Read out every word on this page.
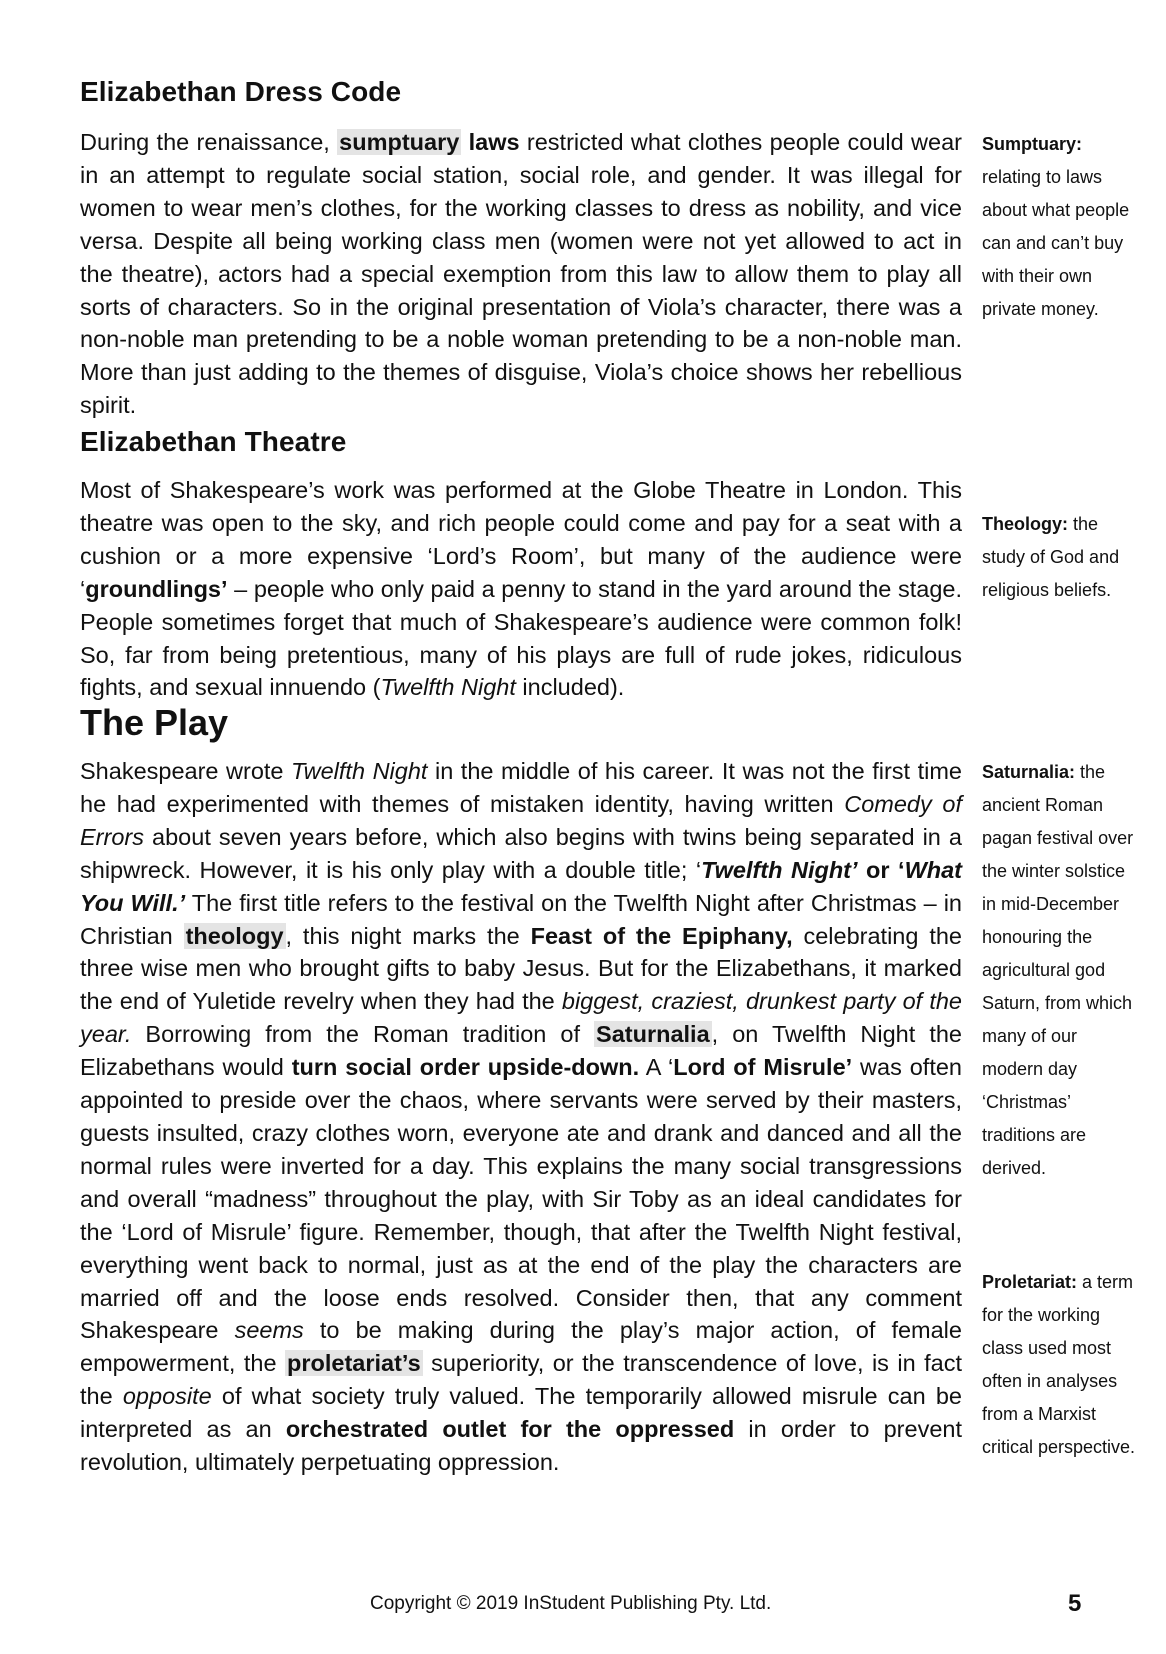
Elizabethan Dress Code

During the renaissance, sumptuary laws restricted what clothes people could wear in an attempt to regulate social station, social role, and gender. It was illegal for women to wear men’s clothes, for the working classes to dress as nobility, and vice versa. Despite all being working class men (women were not yet allowed to act in the theatre), actors had a special exemption from this law to allow them to play all sorts of characters. So in the original presentation of Viola’s character, there was a non-noble man pretending to be a noble woman pretending to be a non-noble man. More than just adding to the themes of disguise, Viola’s choice shows her rebellious spirit.

Sumptuary: relating to laws about what people can and can’t buy with their own private money.

Elizabethan Theatre

Most of Shakespeare’s work was performed at the Globe Theatre in London. This theatre was open to the sky, and rich people could come and pay for a seat with a cushion or a more expensive ‘Lord’s Room’, but many of the audience were ‘groundlings’ – people who only paid a penny to stand in the yard around the stage. People sometimes forget that much of Shakespeare’s audience were common folk! So, far from being pretentious, many of his plays are full of rude jokes, ridiculous fights, and sexual innuendo (Twelfth Night included).

Theology: the study of God and religious beliefs.

The Play

Shakespeare wrote Twelfth Night in the middle of his career. It was not the first time he had experimented with themes of mistaken identity, having written Comedy of Errors about seven years before, which also begins with twins being separated in a shipwreck. However, it is his only play with a double title; ‘Twelfth Night’ or ‘What You Will.’ The first title refers to the festival on the Twelfth Night after Christmas – in Christian theology, this night marks the Feast of the Epiphany, celebrating the three wise men who brought gifts to baby Jesus. But for the Elizabethans, it marked the end of Yuletide revelry when they had the biggest, craziest, drunkest party of the year. Borrowing from the Roman tradition of Saturnalia, on Twelfth Night the Elizabethans would turn social order upside-down. A ‘Lord of Misrule’ was often appointed to preside over the chaos, where servants were served by their masters, guests insulted, crazy clothes worn, everyone ate and drank and danced and all the normal rules were inverted for a day. This explains the many social transgressions and overall “madness” throughout the play, with Sir Toby as an ideal candidates for the ‘Lord of Misrule’ figure. Remember, though, that after the Twelfth Night festival, everything went back to normal, just as at the end of the play the characters are married off and the loose ends resolved. Consider then, that any comment Shakespeare seems to be making during the play’s major action, of female empowerment, the proletariat’s superiority, or the transcendence of love, is in fact the opposite of what society truly valued. The temporarily allowed misrule can be interpreted as an orchestrated outlet for the oppressed in order to prevent revolution, ultimately perpetuating oppression.

Saturnalia: the ancient Roman pagan festival over the winter solstice in mid-December honouring the agricultural god Saturn, from which many of our modern day ‘Christmas’ traditions are derived.

Proletariat: a term for the working class used most often in analyses from a Marxist critical perspective.

Copyright © 2019 InStudent Publishing Pty. Ltd.	5
